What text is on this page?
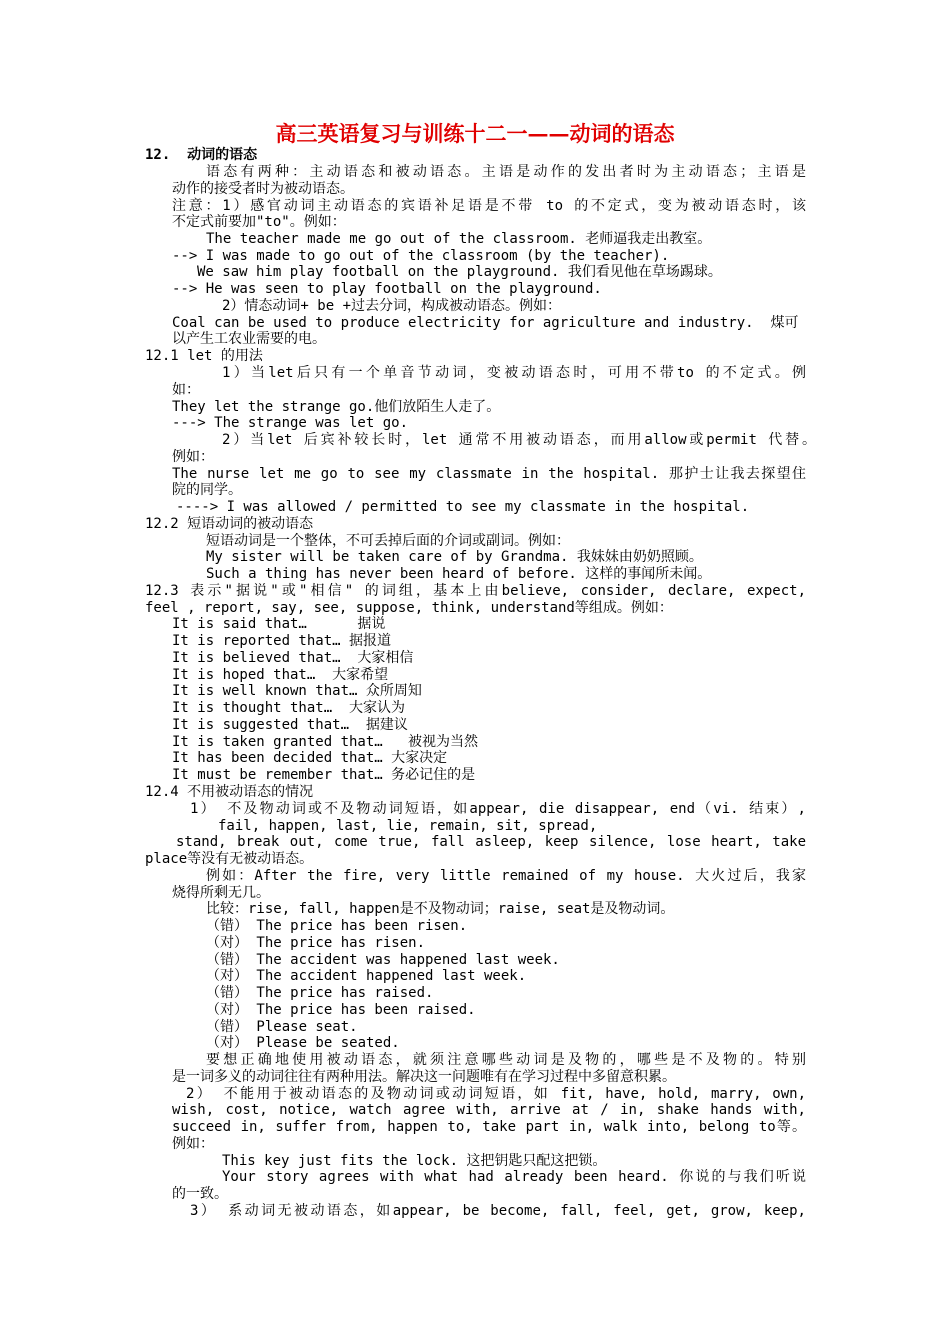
高三英语复习与训练十二一——动词的语态
12.  动词的语态
语态有两种：主动语态和被动语态。主语是动作的发出者时为主动语态；主语是
动作的接受者时为被动语态。
注意：1）感官动词主动语态的宾语补足语是不带 to 的不定式，变为被动语态时，该
不定式前要加"to"。例如：
The teacher made me go out of the classroom. 老师逼我走出教室。
--> I was made to go out of the classroom (by the teacher).
We saw him play football on the playground. 我们看见他在草场踢球。
--> He was seen to play football on the playground.
2）情态动词+ be +过去分词，构成被动语态。例如：
Coal can be used to produce electricity for agriculture and industry.  煤可
以产生工农业需要的电。
12.1 let 的用法
1）当let后只有一个单音节动词，变被动语态时，可用不带to 的不定式。例
如：
They let the strange go.他们放陌生人走了。
---> The strange was let go.
2）当let 后宾补较长时，let 通常不用被动语态，而用allow或permit 代替。
例如：
The nurse let me go to see my classmate in the hospital. 那护士让我去探望住
院的同学。
----> I was allowed / permitted to see my classmate in the hospital.
12.2 短语动词的被动语态
短语动词是一个整体，不可丢掉后面的介词或副词。例如：
My sister will be taken care of by Grandma. 我妹妹由奶奶照顾。
Such a thing has never been heard of before. 这样的事闻所未闻。
12.3 表示"据说"或"相信" 的词组，基本上由believe, consider, declare, expect,
feel , report, say, see, suppose, think, understand等组成。例如：
It is said that…      据说
It is reported that… 据报道
It is believed that…  大家相信
It is hoped that…  大家希望
It is well known that… 众所周知
It is thought that…  大家认为
It is suggested that…  据建议
It is taken granted that…   被视为当然
It has been decided that… 大家决定
It must be remember that… 务必记住的是
12.4 不用被动语态的情况
1） 不及物动词或不及物动词短语，如appear, die disappear, end（vi. 结束）,
fail, happen, last, lie, remain, sit, spread,
stand, break out, come true, fall asleep, keep silence, lose heart, take
place等没有无被动语态。
例如：After the fire, very little remained of my house. 大火过后，我家
烧得所剩无几。
比较：rise, fall, happen是不及物动词；raise, seat是及物动词。
（错） The price has been risen.
（对） The price has risen.
（错） The accident was happened last week.
（对） The accident happened last week.
（错） The price has raised.
（对） The price has been raised.
（错） Please seat.
（对） Please be seated.
要想正确地使用被动语态，就须注意哪些动词是及物的，哪些是不及物的。特别
是一词多义的动词往往有两种用法。解决这一问题唯有在学习过程中多留意积累。
2） 不能用于被动语态的及物动词或动词短语，如 fit, have, hold, marry, own,
wish, cost, notice, watch agree with, arrive at / in, shake hands with,
succeed in, suffer from, happen to, take part in, walk into, belong to等。
例如：
This key just fits the lock. 这把钥匙只配这把锁。
Your story agrees with what had already been heard. 你说的与我们听说
的一致。
3） 系动词无被动语态，如appear, be become, fall, feel, get, grow, keep,
